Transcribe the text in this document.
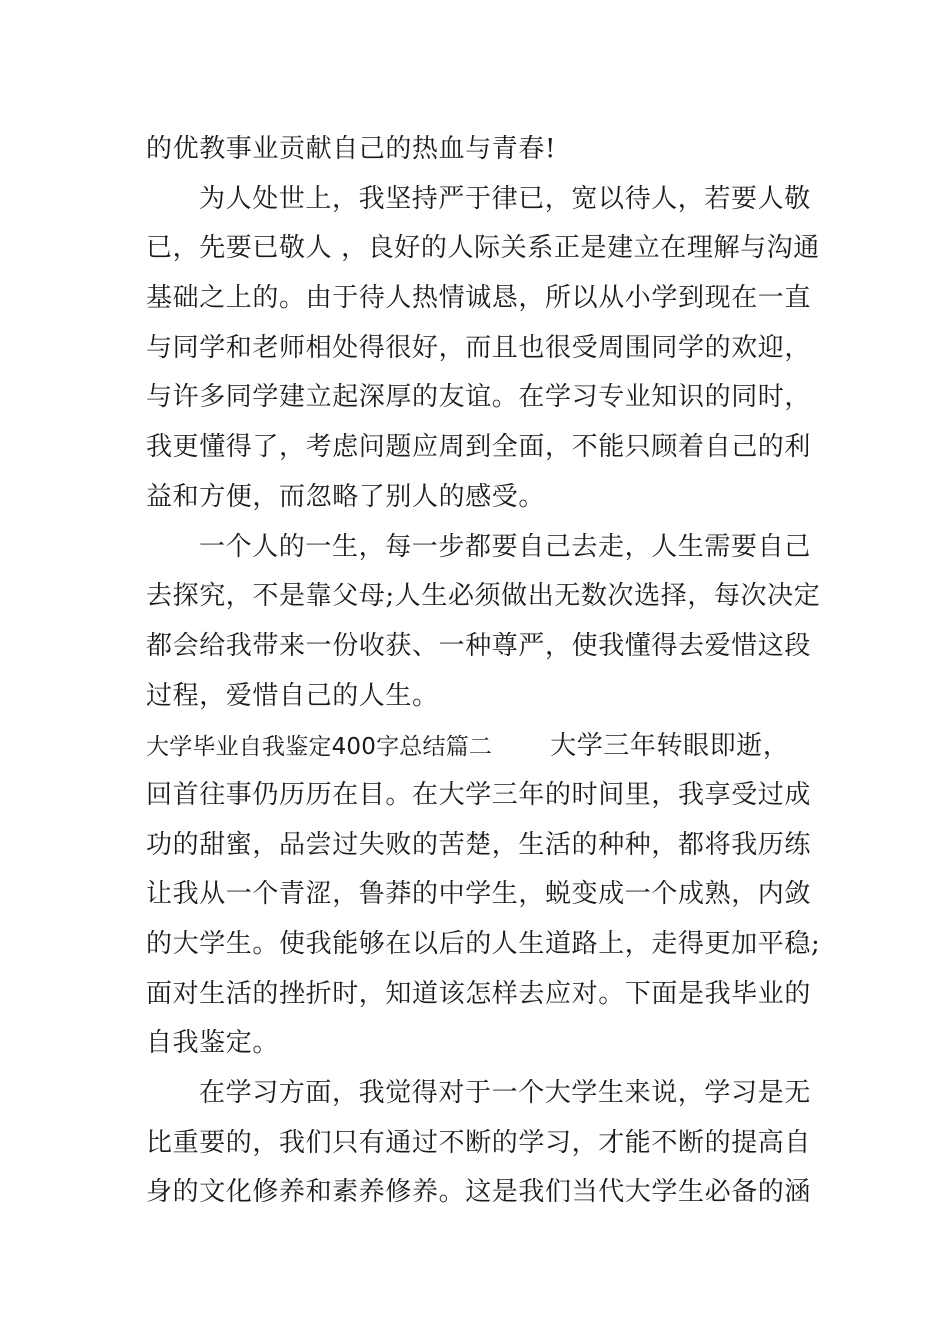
的优教事业贡献自己的热血与青春!
为人处世上，我坚持严于律已，宽以待人，若要人敬
已，先要已敬人 ，良好的人际关系正是建立在理解与沟通
基础之上的。由于待人热情诚恳，所以从小学到现在一直
与同学和老师相处得很好，而且也很受周围同学的欢迎，
与许多同学建立起深厚的友谊。在学习专业知识的同时，
我更懂得了，考虑问题应周到全面，不能只顾着自己的利
益和方便，而忽略了别人的感受。
一个人的一生，每一步都要自己去走，人生需要自己
去探究，不是靠父母;人生必须做出无数次选择，每次决定
都会给我带来一份收获、一种尊严，使我懂得去爱惜这段
过程，爱惜自己的人生。
大学毕业自我鉴定400字总结篇二 大学三年转眼即逝，
回首往事仍历历在目。在大学三年的时间里，我享受过成
功的甜蜜，品尝过失败的苦楚，生活的种种，都将我历练
让我从一个青涩，鲁莽的中学生，蜕变成一个成熟，内敛
的大学生。使我能够在以后的人生道路上，走得更加平稳;
面对生活的挫折时，知道该怎样去应对。下面是我毕业的
自我鉴定。
在学习方面，我觉得对于一个大学生来说，学习是无
比重要的，我们只有通过不断的学习，才能不断的提高自
身的文化修养和素养修养。这是我们当代大学生必备的涵
